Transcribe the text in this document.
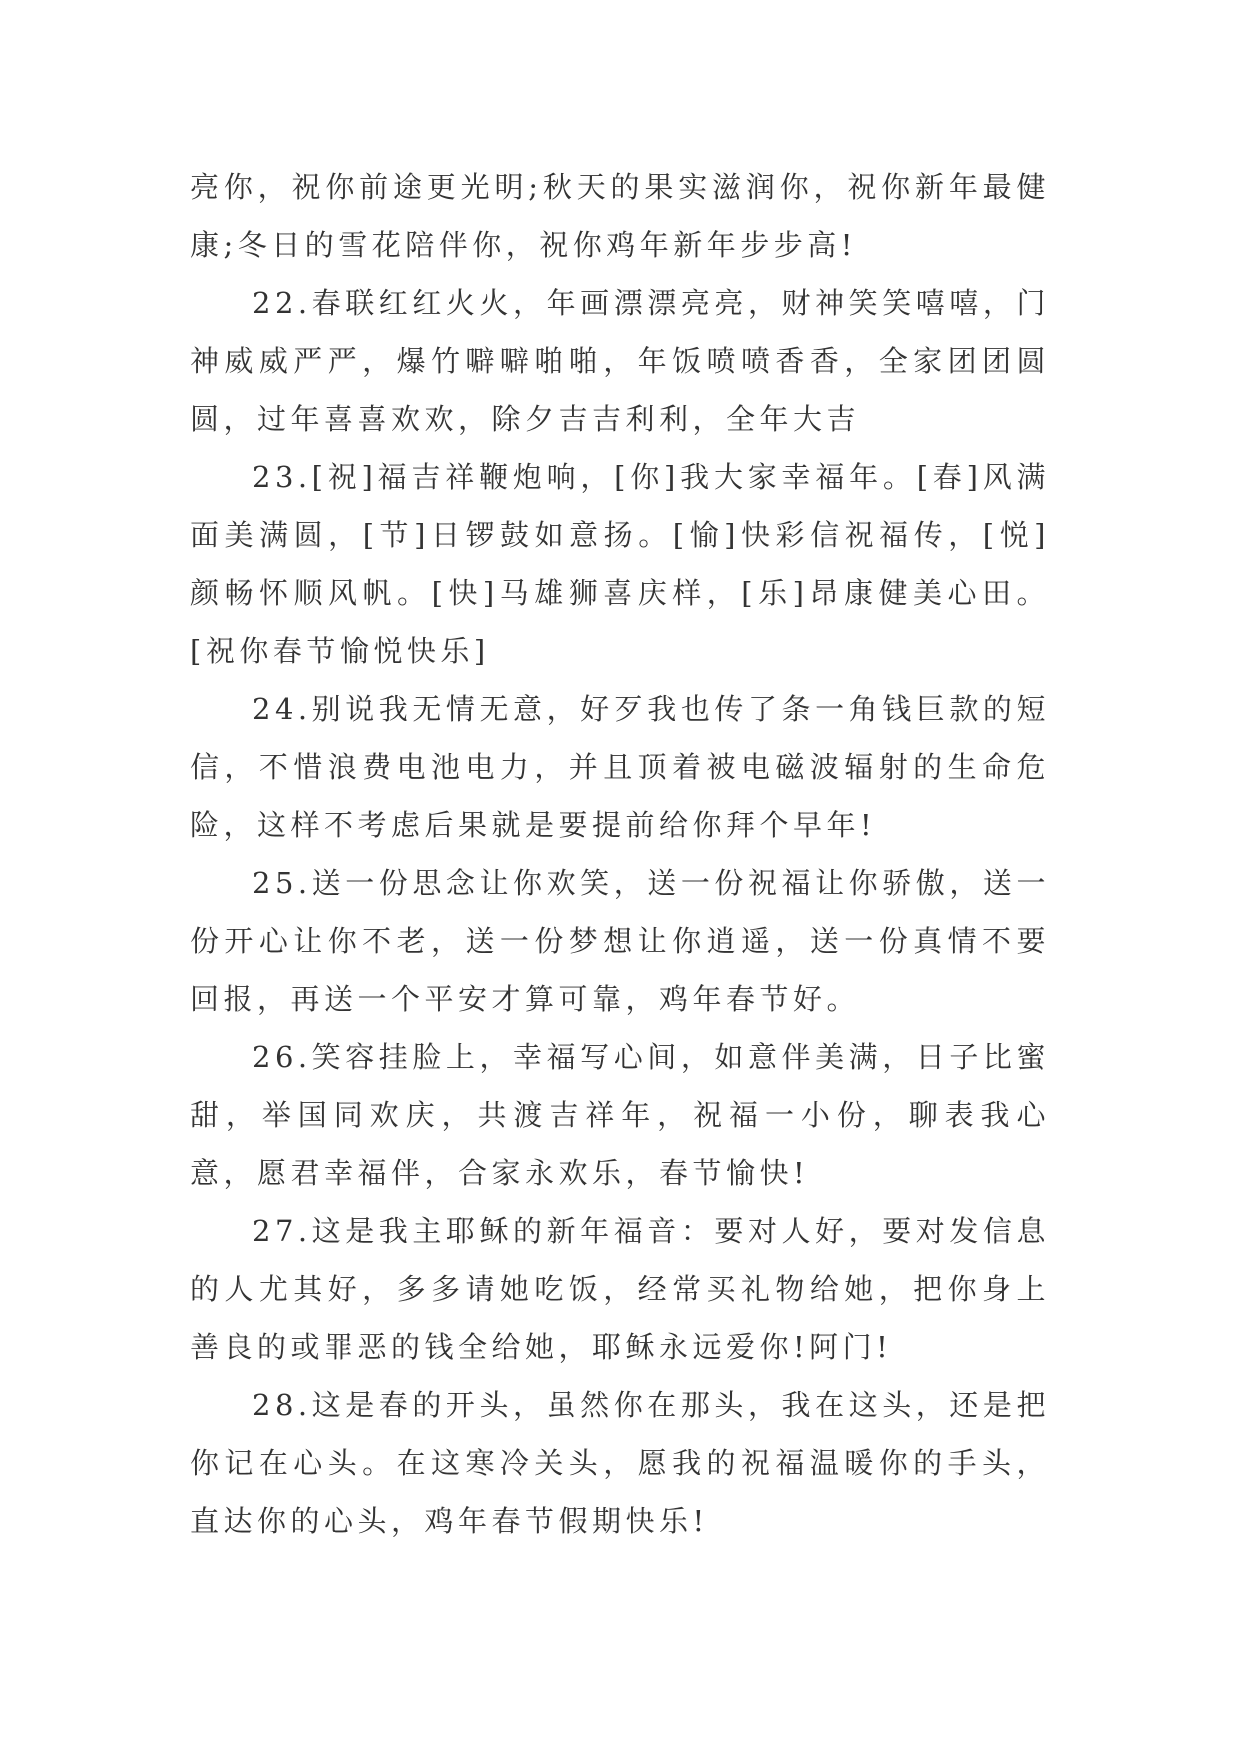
亮你，祝你前途更光明;秋天的果实滋润你，祝你新年最健康;冬日的雪花陪伴你，祝你鸡年新年步步高!

22.春联红红火火，年画漂漂亮亮，财神笑笑嘻嘻，门神威威严严，爆竹噼噼啪啪，年饭喷喷香香，全家团团圆圆，过年喜喜欢欢，除夕吉吉利利，全年大吉

23.[祝]福吉祥鞭炮响，[你]我大家幸福年。[春]风满面美满圆，[节]日锣鼓如意扬。[愉]快彩信祝福传，[悦]颜畅怀顺风帆。[快]马雄狮喜庆样，[乐]昂康健美心田。[祝你春节愉悦快乐]

24.别说我无情无意，好歹我也传了条一角钱巨款的短信，不惜浪费电池电力，并且顶着被电磁波辐射的生命危险，这样不考虑后果就是要提前给你拜个早年!

25.送一份思念让你欢笑，送一份祝福让你骄傲，送一份开心让你不老，送一份梦想让你逍遥，送一份真情不要回报，再送一个平安才算可靠，鸡年春节好。

26.笑容挂脸上，幸福写心间，如意伴美满，日子比蜜甜，举国同欢庆，共渡吉祥年，祝福一小份，聊表我心意，愿君幸福伴，合家永欢乐，春节愉快!

27.这是我主耶稣的新年福音：要对人好，要对发信息的人尤其好，多多请她吃饭，经常买礼物给她，把你身上善良的或罪恶的钱全给她，耶稣永远爱你!阿门!

28.这是春的开头，虽然你在那头，我在这头，还是把你记在心头。在这寒冷关头，愿我的祝福温暖你的手头，直达你的心头，鸡年春节假期快乐!
